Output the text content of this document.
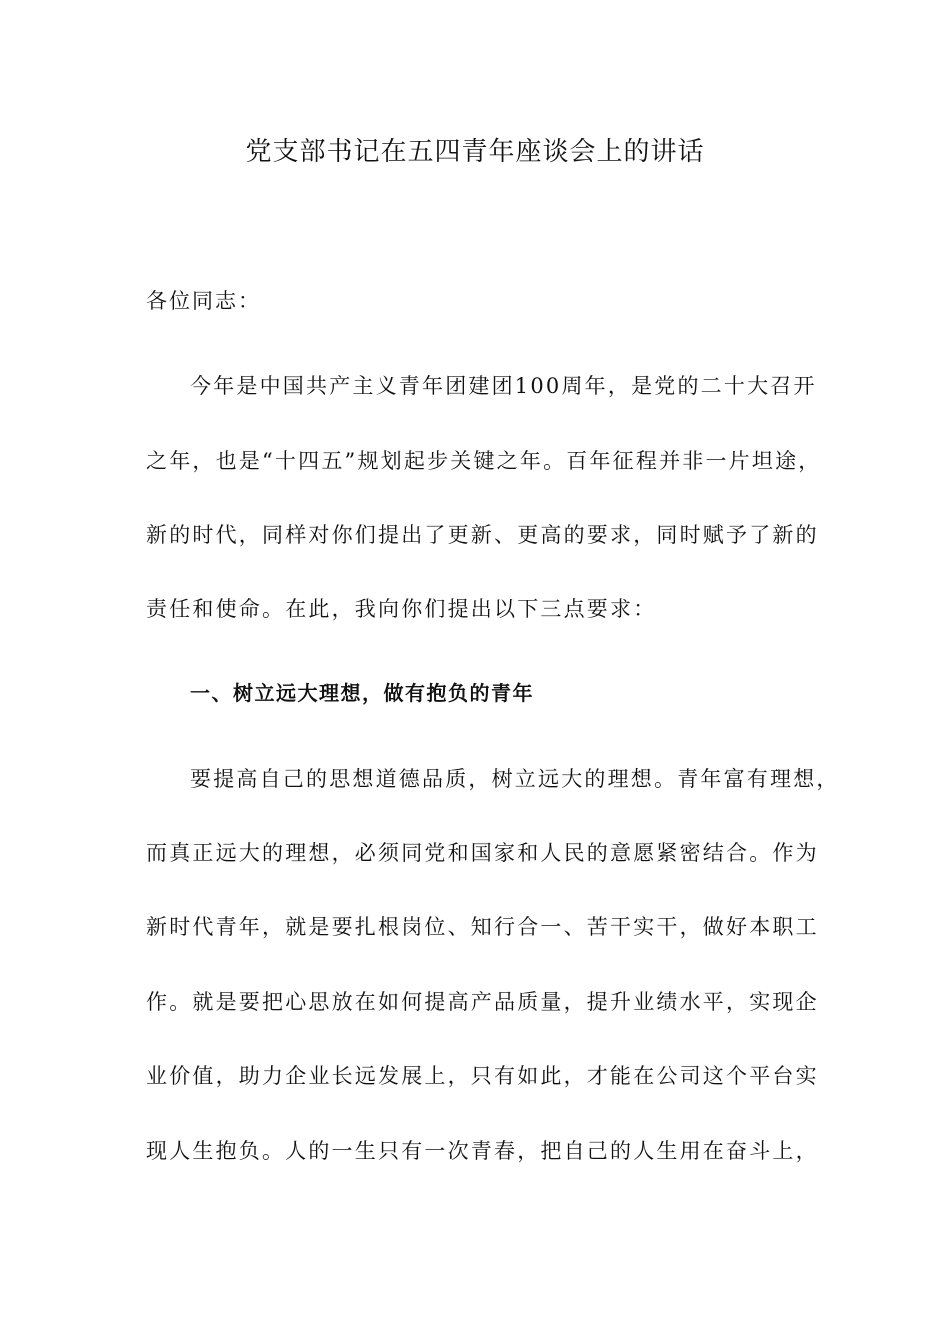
党支部书记在五四青年座谈会上的讲话

各位同志：

今年是中国共产主义青年团建团100周年，是党的二十大召开

之年，也是“十四五”规划起步关键之年。百年征程并非一片坦途，

新的时代，同样对你们提出了更新、更高的要求，同时赋予了新的

责任和使命。在此，我向你们提出以下三点要求：

一、树立远大理想，做有抱负的青年

要提高自己的思想道德品质，树立远大的理想。青年富有理想，

而真正远大的理想，必须同党和国家和人民的意愿紧密结合。作为

新时代青年，就是要扎根岗位、知行合一、苦干实干，做好本职工

作。就是要把心思放在如何提高产品质量，提升业绩水平，实现企

业价值，助力企业长远发展上，只有如此，才能在公司这个平台实

现人生抱负。人的一生只有一次青春，把自己的人生用在奋斗上，
